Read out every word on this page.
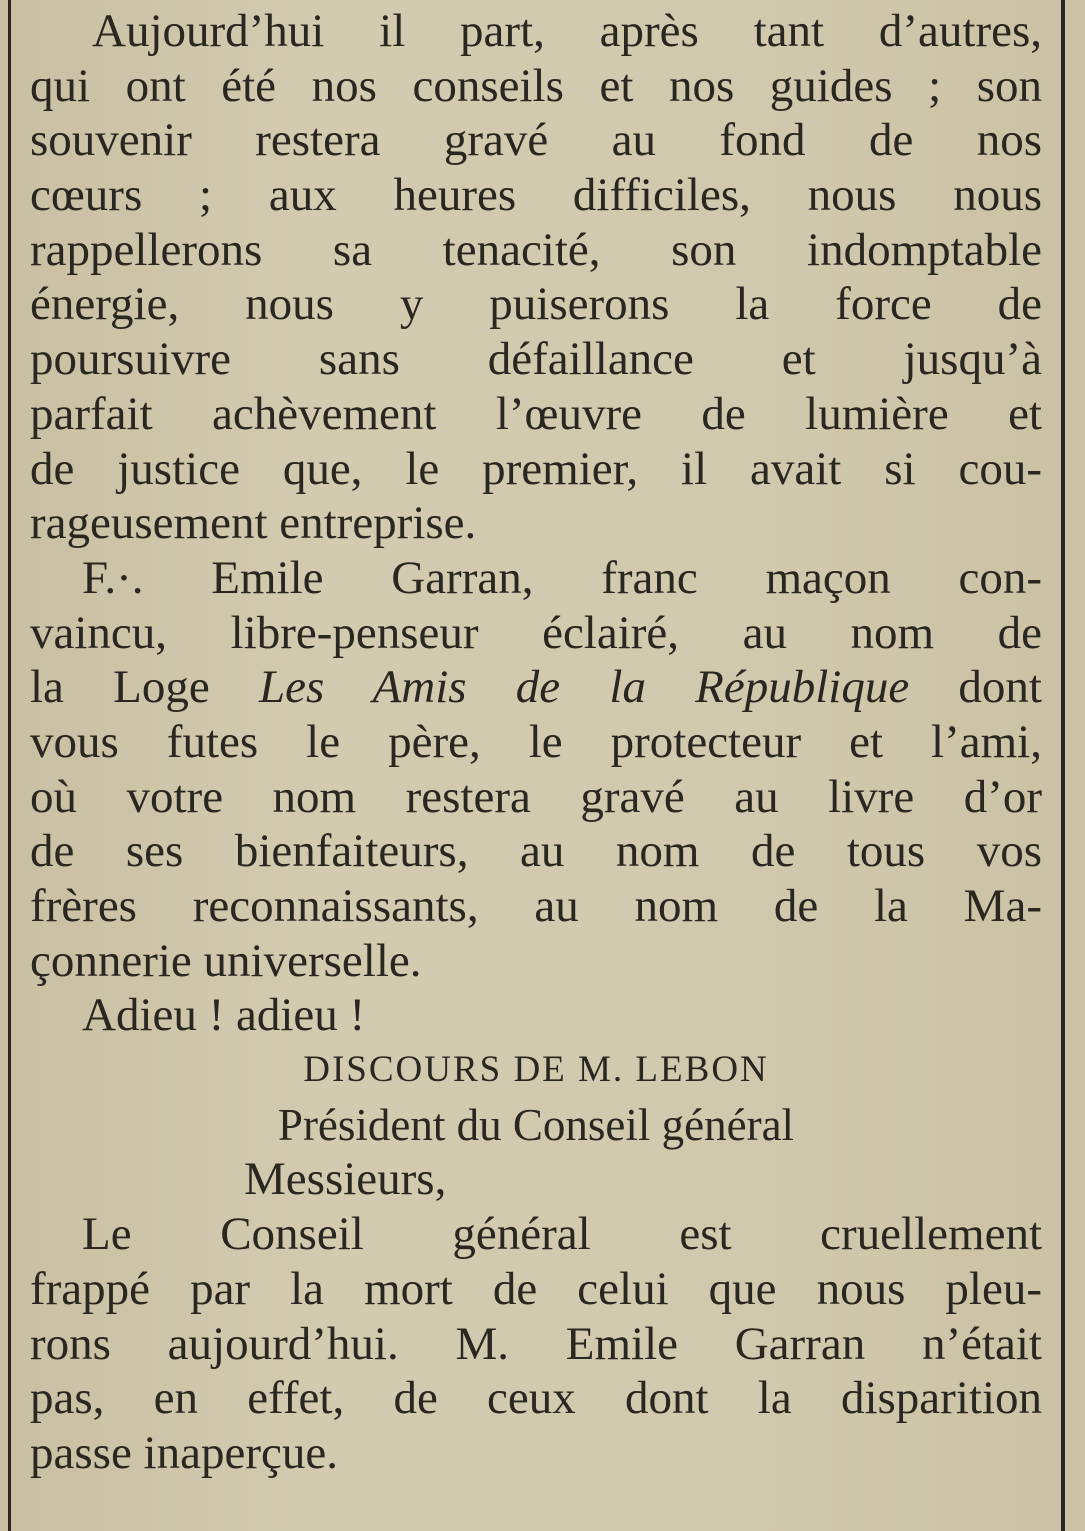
Aujourd’hui il part, après tant d’autres,
qui ont été nos conseils et nos guides ; son
souvenir restera gravé au fond de nos
cœurs ; aux heures difficiles, nous nous
rappellerons sa tenacité, son indomptable
énergie, nous y puiserons la force de
poursuivre sans défaillance et jusqu’à
parfait achèvement l’œuvre de lumière et
de justice que, le premier, il avait si cou-
rageusement entreprise.
F.·. Emile Garran, franc maçon con-
vaincu, libre-penseur éclairé, au nom de
la Loge Les Amis de la République dont
vous futes le père, le protecteur et l’ami,
où votre nom restera gravé au livre d’or
de ses bienfaiteurs, au nom de tous vos
frères reconnaissants, au nom de la Ma-
çonnerie universelle.
Adieu ! adieu !
DISCOURS DE M. LEBON
Président du Conseil général
Messieurs,
Le Conseil général est cruellement
frappé par la mort de celui que nous pleu-
rons aujourd’hui. M. Emile Garran n’était
pas, en effet, de ceux dont la disparition
passe inaperçue.
